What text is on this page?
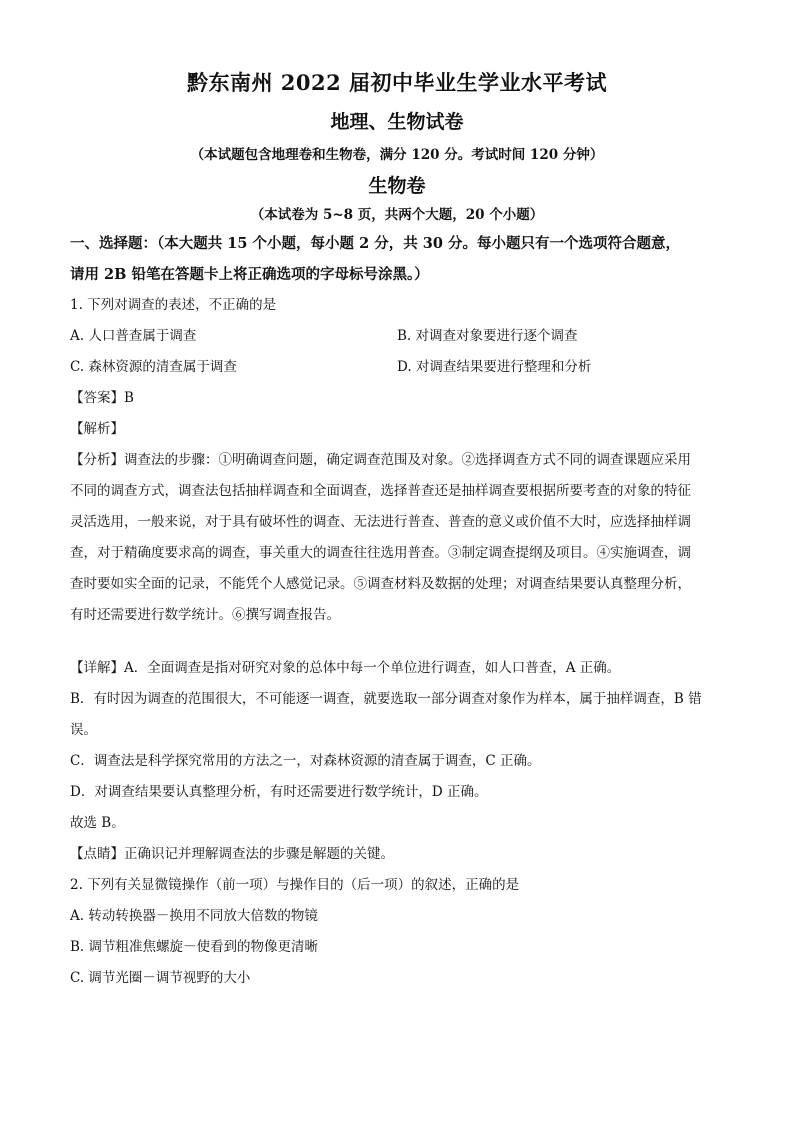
黔东南州 2022 届初中毕业生学业水平考试

地理、生物试卷

（本试题包含地理卷和生物卷，满分 120 分。考试时间 120 分钟）

生物卷

（本试卷为 5~8 页，共两个大题，20 个小题）

一、选择题：（本大题共 15 个小题，每小题 2 分，共 30 分。每小题只有一个选项符合题意，
请用 2B 铅笔在答题卡上将正确选项的字母标号涂黑。）

1. 下列对调查的表述，不正确的是

A. 人口普查属于调查	B. 对调查对象要进行逐个调查
C. 森林资源的清查属于调查	D. 对调查结果要进行整理和分析

【答案】B

【解析】

【分析】调查法的步骤：①明确调查问题，确定调查范围及对象。②选择调查方式不同的调查课题应采用

不同的调查方式，调查法包括抽样调查和全面调查，选择普查还是抽样调查要根据所要考查的对象的特征

灵活选用，一般来说，对于具有破坏性的调查、无法进行普查、普查的意义或价值不大时，应选择抽样调

查，对于精确度要求高的调查，事关重大的调查往往选用普查。③制定调查提纲及项目。④实施调查，调

查时要如实全面的记录，不能凭个人感觉记录。⑤调查材料及数据的处理；对调查结果要认真整理分析，

有时还需要进行数学统计。⑥撰写调查报告。

【详解】A．全面调查是指对研究对象的总体中每一个单位进行调查，如人口普查，A 正确。

B．有时因为调查的范围很大，不可能逐一调查，就要选取一部分调查对象作为样本，属于抽样调查，B 错

误。

C．调查法是科学探究常用的方法之一，对森林资源的清查属于调查，C 正确。

D．对调查结果要认真整理分析，有时还需要进行数学统计，D 正确。

故选 B。

【点睛】正确识记并理解调查法的步骤是解题的关键。

2. 下列有关显微镜操作（前一项）与操作目的（后一项）的叙述，正确的是

A. 转动转换器－换用不同放大倍数的物镜

B. 调节粗准焦螺旋－使看到的物像更清晰

C. 调节光圈－调节视野的大小
